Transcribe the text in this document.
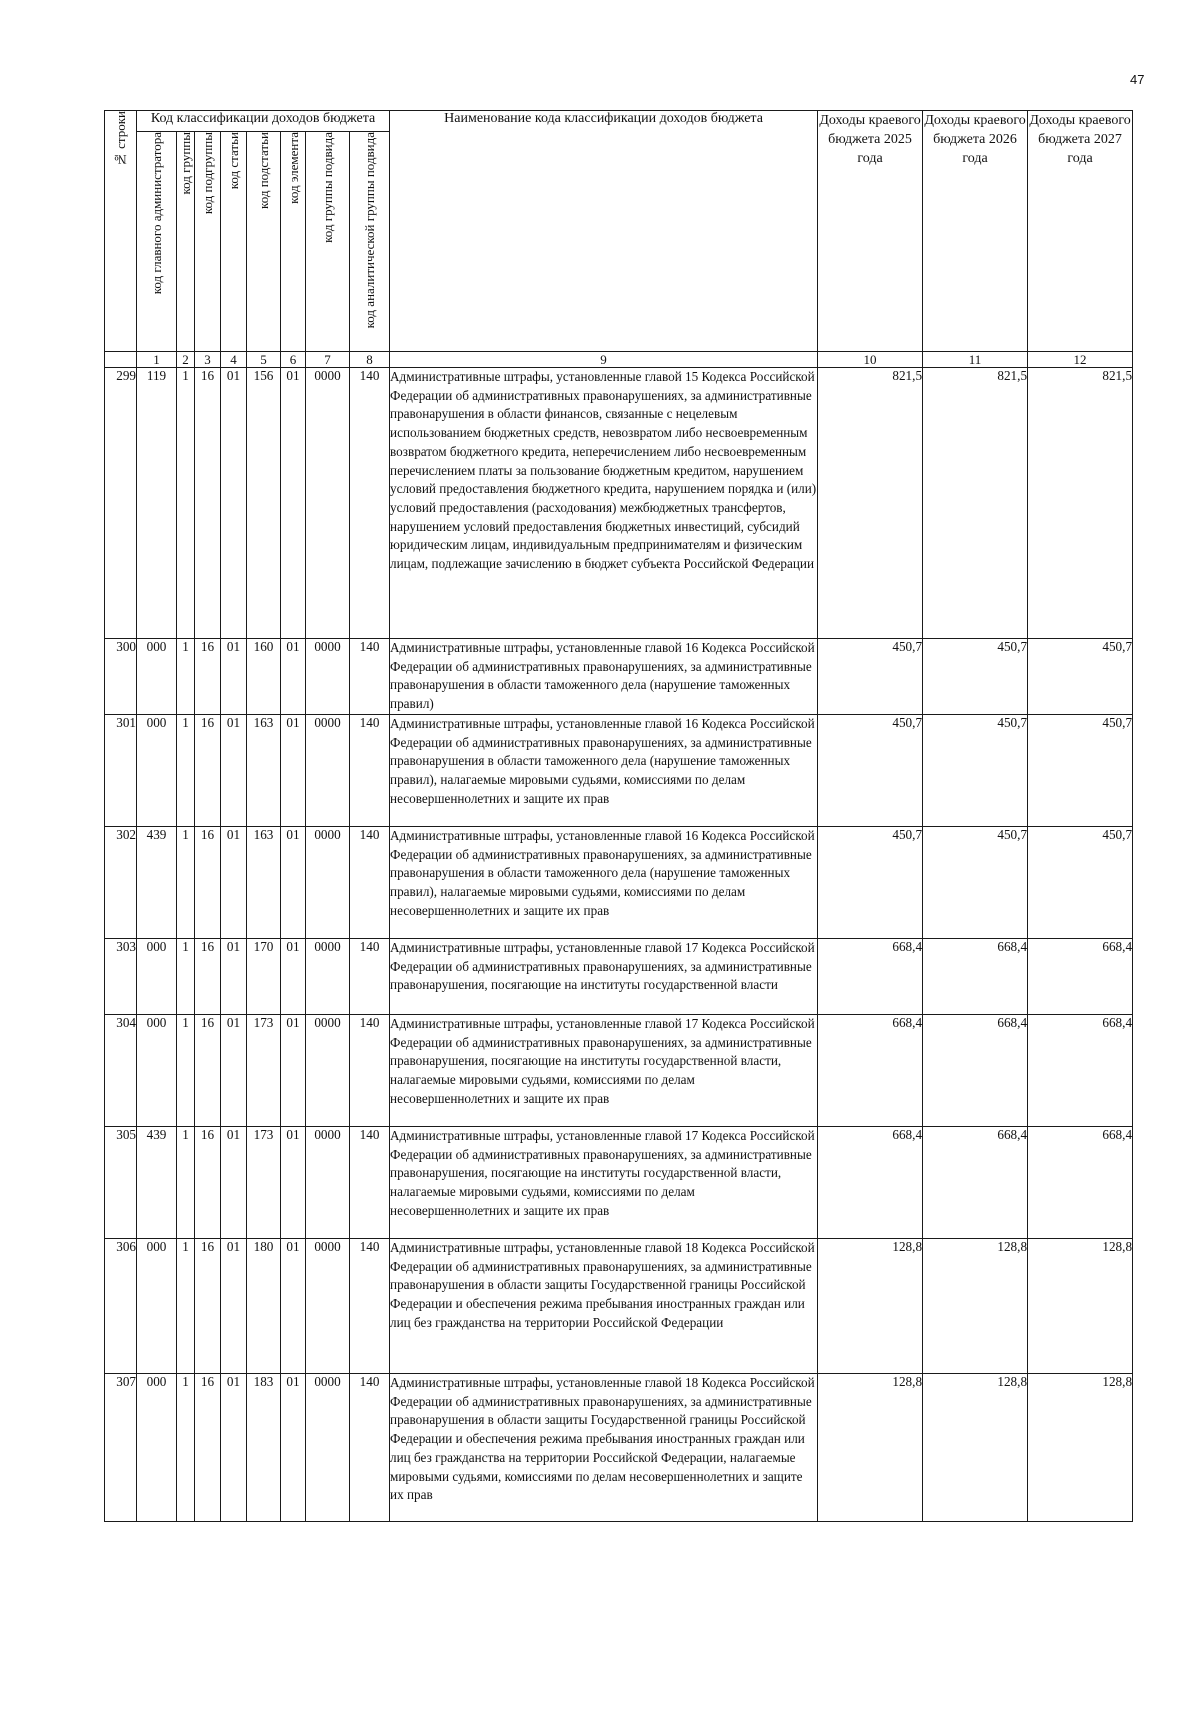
47
№ строки	Код классификации доходов бюджета								Наименование кода классификации доходов бюджета	Доходы краевого бюджета 2025 года	Доходы краевого бюджета 2026 года	Доходы краевого бюджета 2027 года
	код главного администратора	код группы	код подгруппы	код статьи	код подстатьи	код элемента	код группы подвида	код аналитической группы подвида				
	1	2	3	4	5	6	7	8	9	10	11	12
299	119	1	16	01	156	01	0000	140	Административные штрафы, установленные главой 15 Кодекса Российской Федерации об административных правонарушениях, за административные правонарушения в области финансов, связанные с нецелевым использованием бюджетных средств, невозвратом либо несвоевременным возвратом бюджетного кредита, неперечислением либо несвоевременным перечислением платы за пользование бюджетным кредитом, нарушением условий предоставления бюджетного кредита, нарушением порядка и (или) условий предоставления (расходования) межбюджетных трансфертов, нарушением условий предоставления бюджетных инвестиций, субсидий юридическим лицам, индивидуальным предпринимателям и физическим лицам, подлежащие зачислению в бюджет субъекта Российской Федерации	821,5	821,5	821,5
300	000	1	16	01	160	01	0000	140	Административные штрафы, установленные главой 16 Кодекса Российской Федерации об административных правонарушениях, за административные правонарушения в области таможенного дела (нарушение таможенных правил)	450,7	450,7	450,7
301	000	1	16	01	163	01	0000	140	Административные штрафы, установленные главой 16 Кодекса Российской Федерации об административных правонарушениях, за административные правонарушения в области таможенного дела (нарушение таможенных правил), налагаемые мировыми судьями, комиссиями по делам несовершеннолетних и защите их прав	450,7	450,7	450,7
302	439	1	16	01	163	01	0000	140	Административные штрафы, установленные главой 16 Кодекса Российской Федерации об административных правонарушениях, за административные правонарушения в области таможенного дела (нарушение таможенных правил), налагаемые мировыми судьями, комиссиями по делам несовершеннолетних и защите их прав	450,7	450,7	450,7
303	000	1	16	01	170	01	0000	140	Административные штрафы, установленные главой 17 Кодекса Российской Федерации об административных правонарушениях, за административные правонарушения, посягающие на институты государственной власти	668,4	668,4	668,4
304	000	1	16	01	173	01	0000	140	Административные штрафы, установленные главой 17 Кодекса Российской Федерации об административных правонарушениях, за административные правонарушения, посягающие на институты государственной власти, налагаемые мировыми судьями, комиссиями по делам несовершеннолетних и защите их прав	668,4	668,4	668,4
305	439	1	16	01	173	01	0000	140	Административные штрафы, установленные главой 17 Кодекса Российской Федерации об административных правонарушениях, за административные правонарушения, посягающие на институты государственной власти, налагаемые мировыми судьями, комиссиями по делам несовершеннолетних и защите их прав	668,4	668,4	668,4
306	000	1	16	01	180	01	0000	140	Административные штрафы, установленные главой 18 Кодекса Российской Федерации об административных правонарушениях, за административные правонарушения в области защиты Государственной границы Российской Федерации и обеспечения режима пребывания иностранных граждан или лиц без гражданства на территории Российской Федерации	128,8	128,8	128,8
307	000	1	16	01	183	01	0000	140	Административные штрафы, установленные главой 18 Кодекса Российской Федерации об административных правонарушениях, за административные правонарушения в области защиты Государственной границы Российской Федерации и обеспечения режима пребывания иностранных граждан или лиц без гражданства на территории Российской Федерации, налагаемые мировыми судьями, комиссиями по делам несовершеннолетних и защите их прав	128,8	128,8	128,8
